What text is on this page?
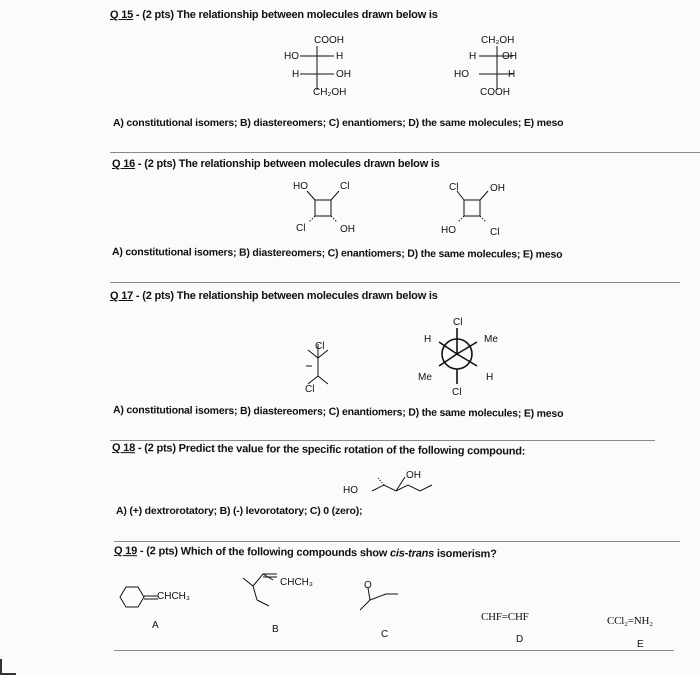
Q 15 - (2 pts) The relationship between molecules drawn below is
COOH
HO	H
H	OH
CH₂OH
CH₂OH
H	OH
HO	H
COOH
A) constitutional isomers; B) diastereomers; C) enantiomers; D) the same molecules; E) meso
Q 16 - (2 pts) The relationship between molecules drawn below is
HO	Cl
Cl	OH
Cl	OH
HO	Cl
A) constitutional isomers; B) diastereomers; C) enantiomers; D) the same molecules; E) meso
Q 17 - (2 pts) The relationship between molecules drawn below is
Cl
Cl
Cl
H	Me
Me	H
Cl
A) constitutional isomers; B) diastereomers; C) enantiomers; D) the same molecules; E) meso
Q 18 - (2 pts) Predict the value for the specific rotation of the following compound:
OH
HO
A) (+) dextrorotatory; B) (-) levorotatory; C) 0 (zero);
Q 19 - (2 pts) Which of the following compounds show cis-trans isomerism?
CHCH₃
A
CHCH₃
B
O
C
CHF=CHF
D
CCl₂=NH₂
E
